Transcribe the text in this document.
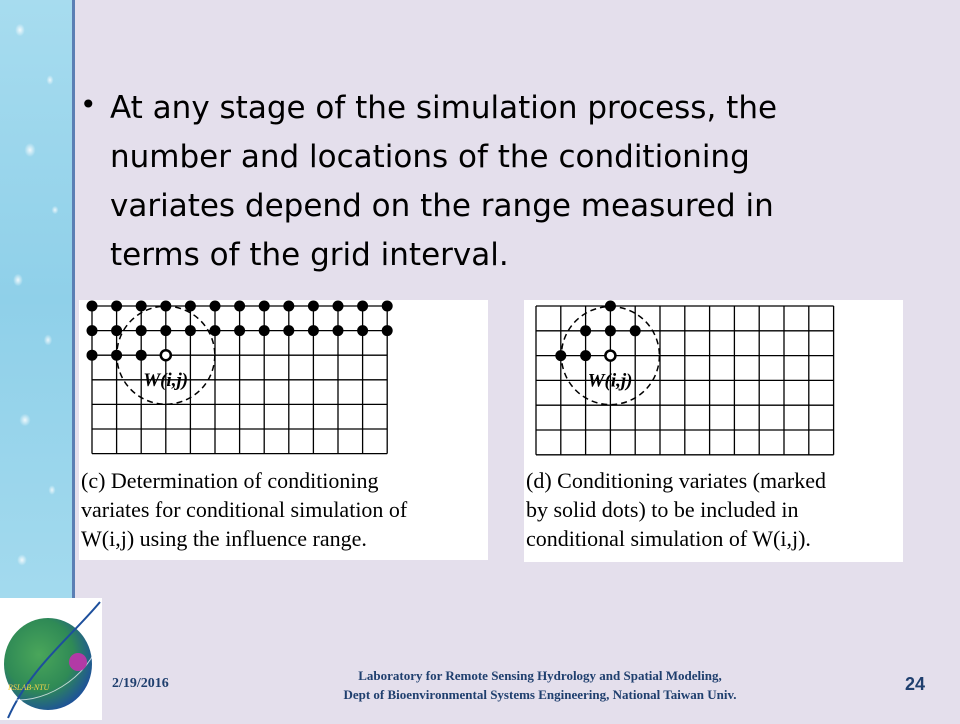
RSLAB-NTU
• At any stage of the simulation process, the number and locations of the conditioning variates depend on the range measured in terms of the grid interval.
W(i,j)
(c) Determination of conditioning
variates for conditional simulation of
W(i,j) using the influence range.
W(i,j)
(d) Conditioning variates (marked
by solid dots) to be included in
conditional simulation of W(i,j).
2/19/2016
Laboratory for Remote Sensing Hydrology and Spatial Modeling,
Dept of Bioenvironmental Systems Engineering, National Taiwan Univ.
24
